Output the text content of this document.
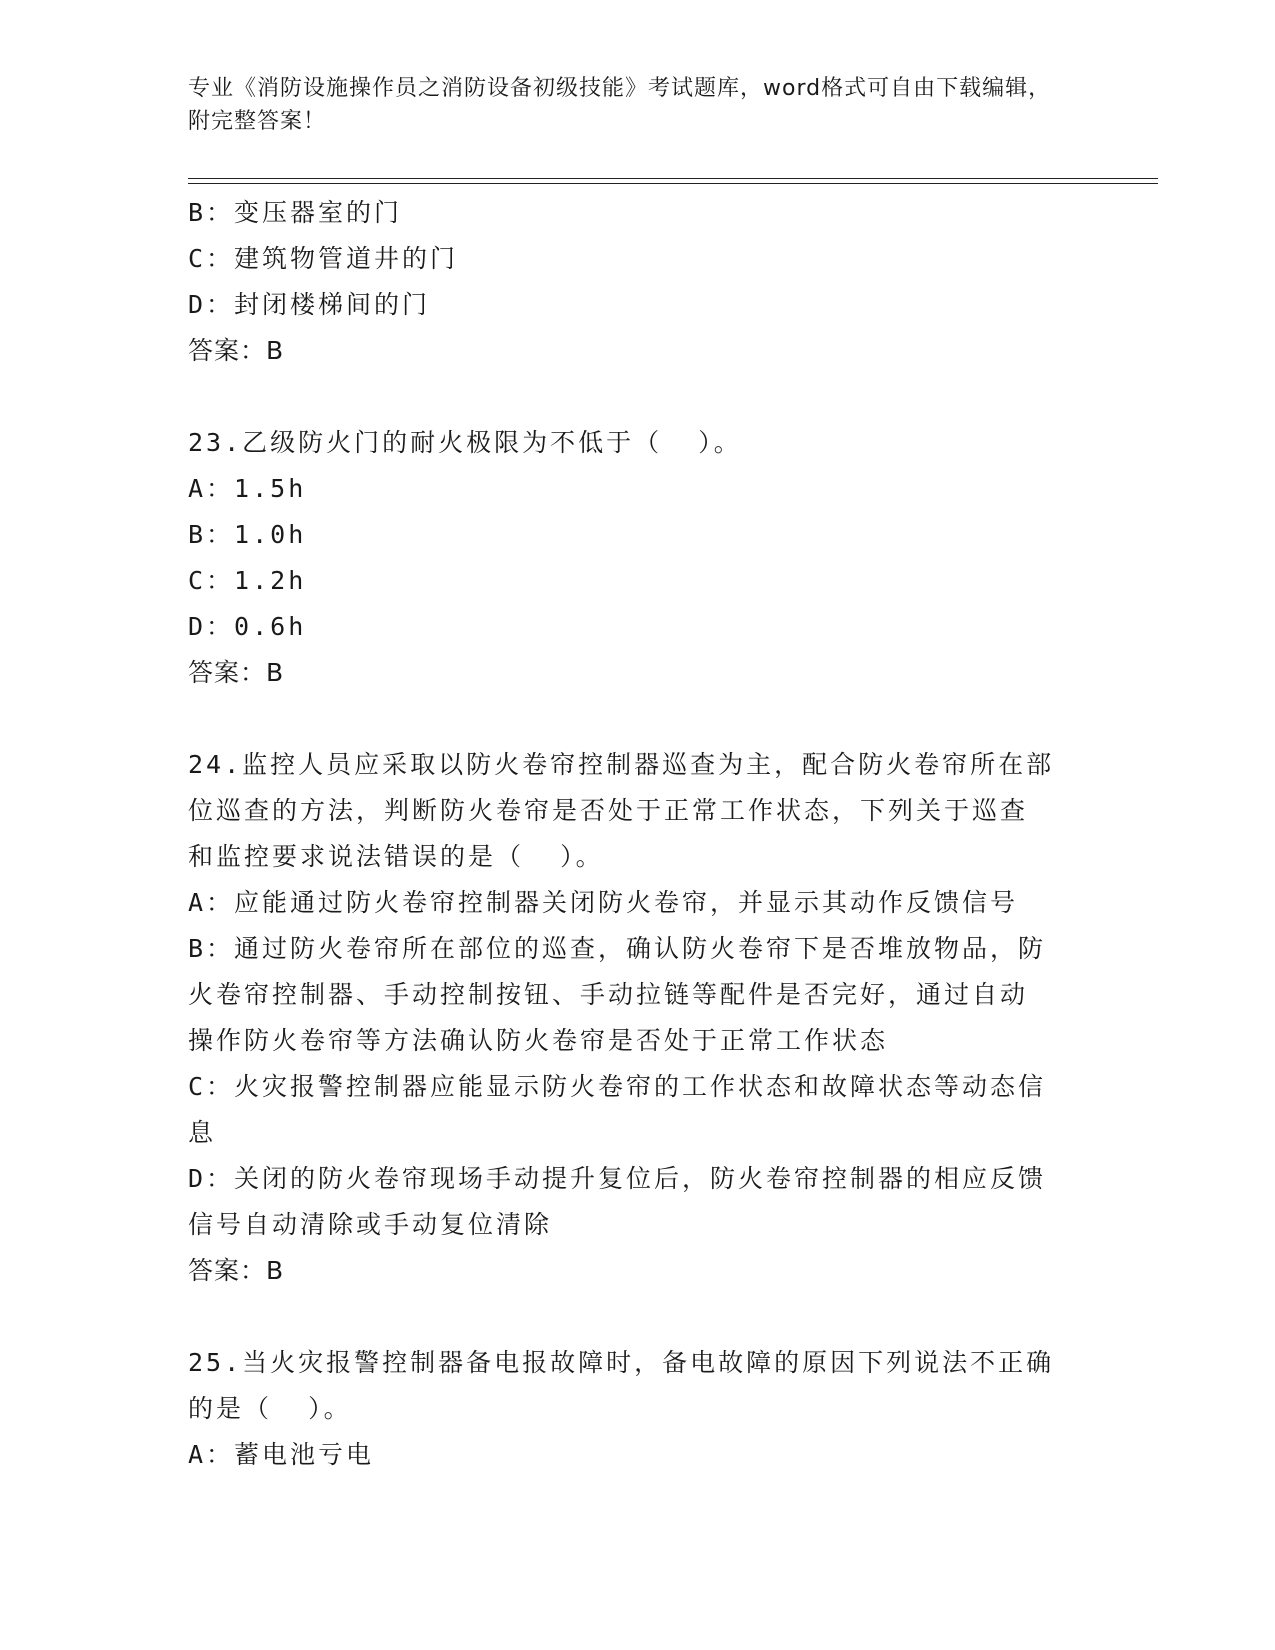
专业《消防设施操作员之消防设备初级技能》考试题库，word格式可自由下载编辑，附完整答案！
B：变压器室的门
C：建筑物管道井的门
D：封闭楼梯间的门
答案：B
23.乙级防火门的耐火极限为不低于（  ）。
A：1.5h
B：1.0h
C：1.2h
D：0.6h
答案：B
24.监控人员应采取以防火卷帘控制器巡查为主，配合防火卷帘所在部
位巡查的方法，判断防火卷帘是否处于正常工作状态，下列关于巡查
和监控要求说法错误的是（  ）。
A：应能通过防火卷帘控制器关闭防火卷帘，并显示其动作反馈信号
B：通过防火卷帘所在部位的巡查，确认防火卷帘下是否堆放物品，防
火卷帘控制器、手动控制按钮、手动拉链等配件是否完好，通过自动
操作防火卷帘等方法确认防火卷帘是否处于正常工作状态
C：火灾报警控制器应能显示防火卷帘的工作状态和故障状态等动态信
息
D：关闭的防火卷帘现场手动提升复位后，防火卷帘控制器的相应反馈
信号自动清除或手动复位清除
答案：B
25.当火灾报警控制器备电报故障时，备电故障的原因下列说法不正确
的是（  ）。
A：蓄电池亏电
